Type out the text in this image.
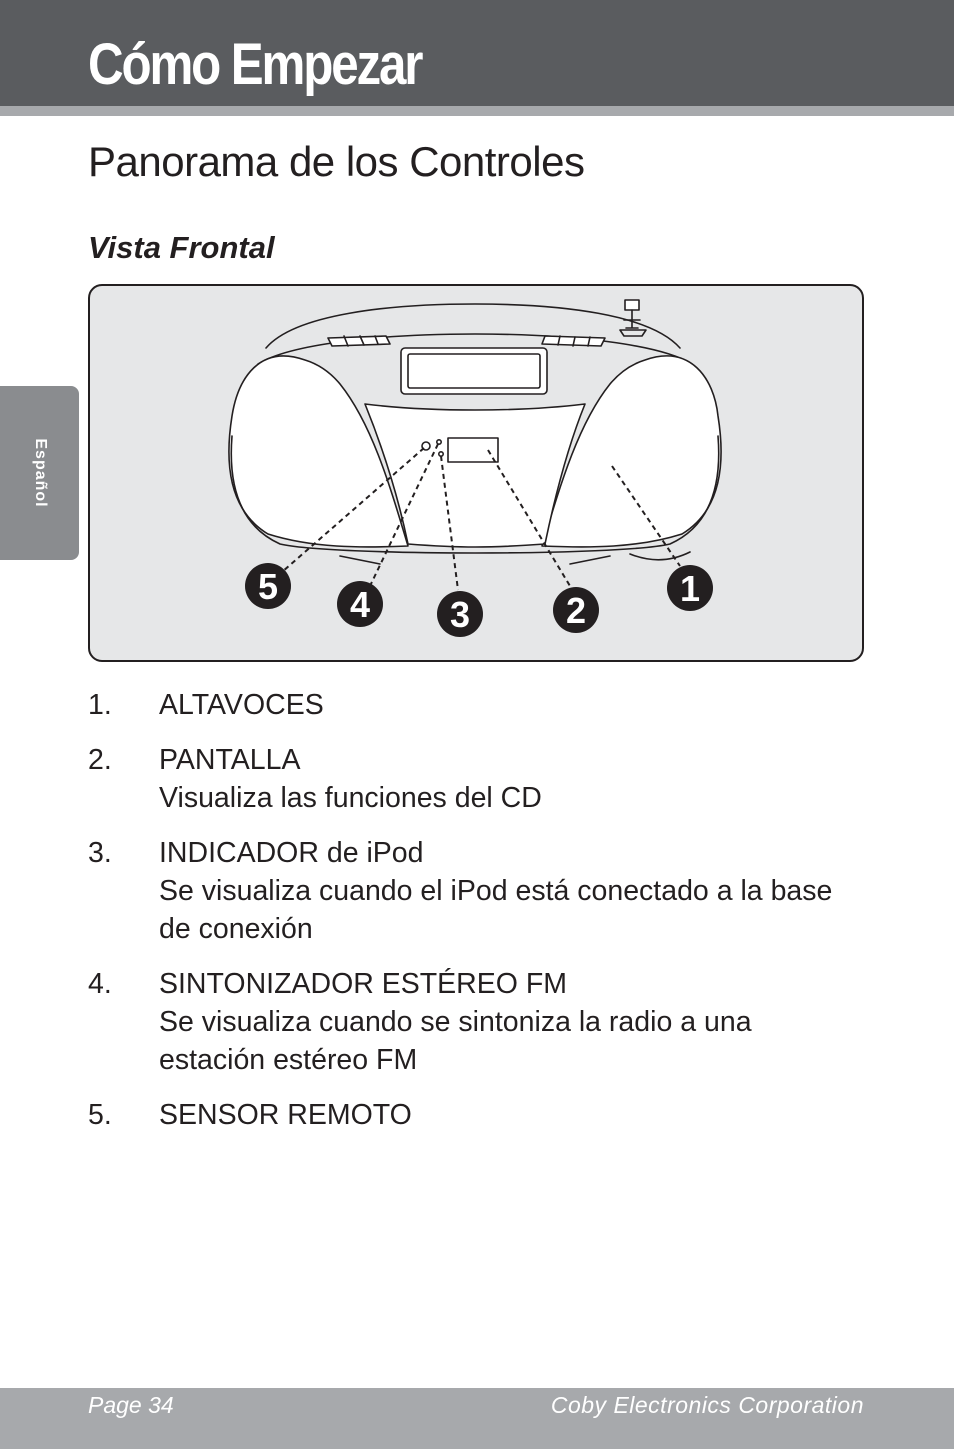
Cómo Empezar
Panorama de los Controles
Vista Frontal
Español
5 4 3	2
1
1. ALTAVOCES
2. PANTALLA
Visualiza las funciones del CD
3. INDICADOR de iPod
Se visualiza cuando el iPod está conectado a la base de conexión
4. SINTONIZADOR ESTÉREO FM
Se visualiza cuando se sintoniza la radio a una estación estéreo FM
5. SENSOR REMOTO
Page 34	Coby Electronics Corporation
